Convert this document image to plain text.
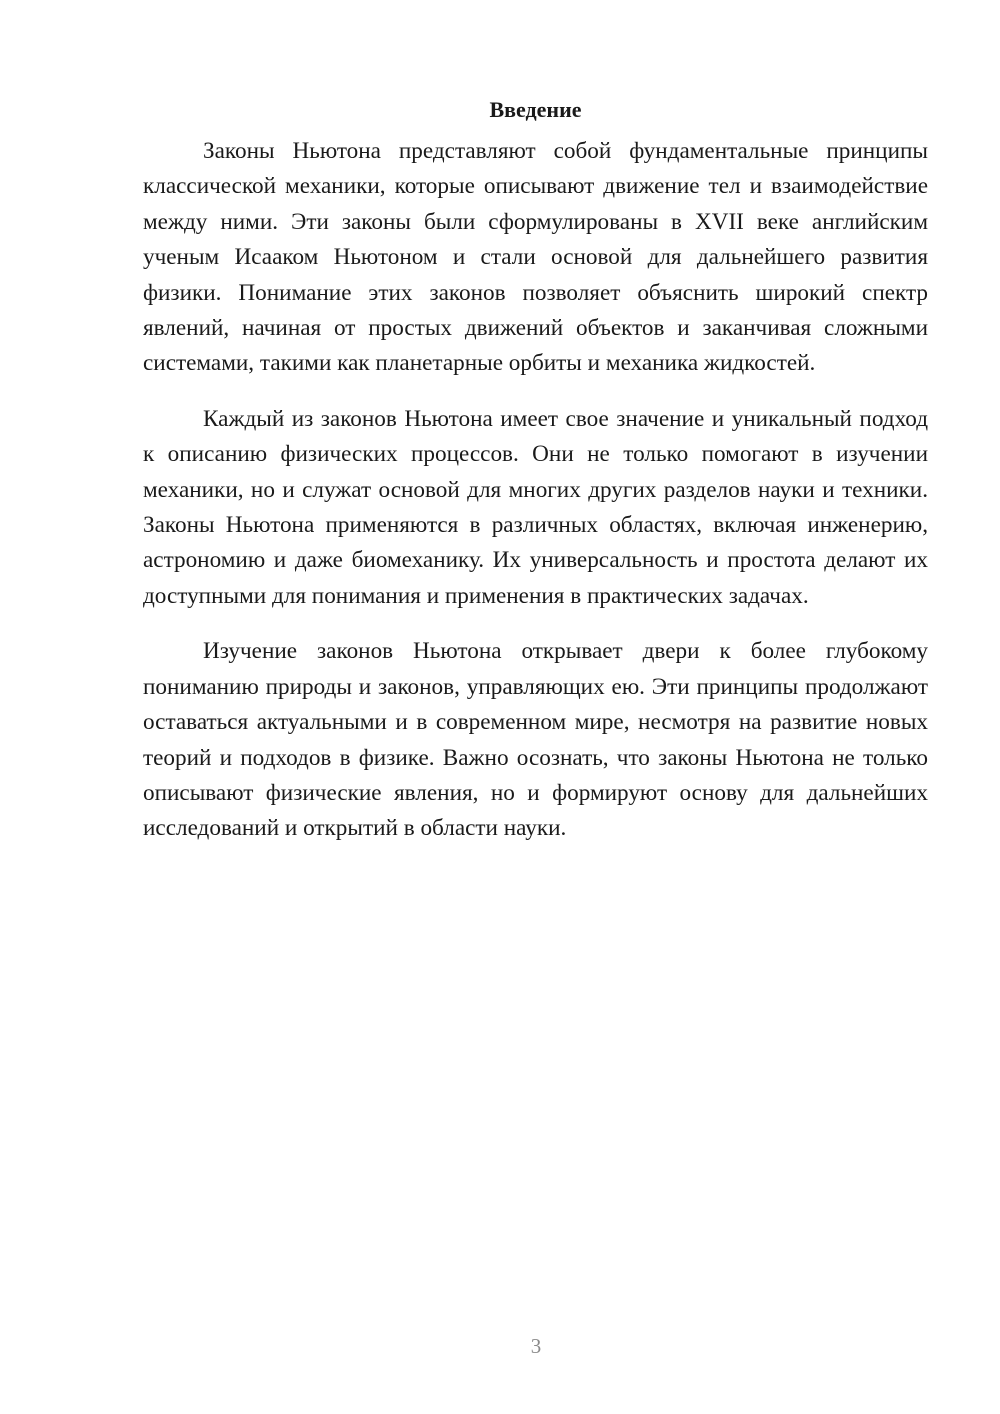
Введение

Законы Ньютона представляют собой фундаментальные принципы классической механики, которые описывают движение тел и взаимодействие между ними. Эти законы были сформулированы в XVII веке английским ученым Исааком Ньютоном и стали основой для дальнейшего развития физики. Понимание этих законов позволяет объяснить широкий спектр явлений, начиная от простых движений объектов и заканчивая сложными системами, такими как планетарные орбиты и механика жидкостей.

Каждый из законов Ньютона имеет свое значение и уникальный подход к описанию физических процессов. Они не только помогают в изучении механики, но и служат основой для многих других разделов науки и техники. Законы Ньютона применяются в различных областях, включая инженерию, астрономию и даже биомеханику. Их универсальность и простота делают их доступными для понимания и применения в практических задачах.

Изучение законов Ньютона открывает двери к более глубокому пониманию природы и законов, управляющих ею. Эти принципы продолжают оставаться актуальными и в современном мире, несмотря на развитие новых теорий и подходов в физике. Важно осознать, что законы Ньютона не только описывают физические явления, но и формируют основу для дальнейших исследований и открытий в области науки.

3
